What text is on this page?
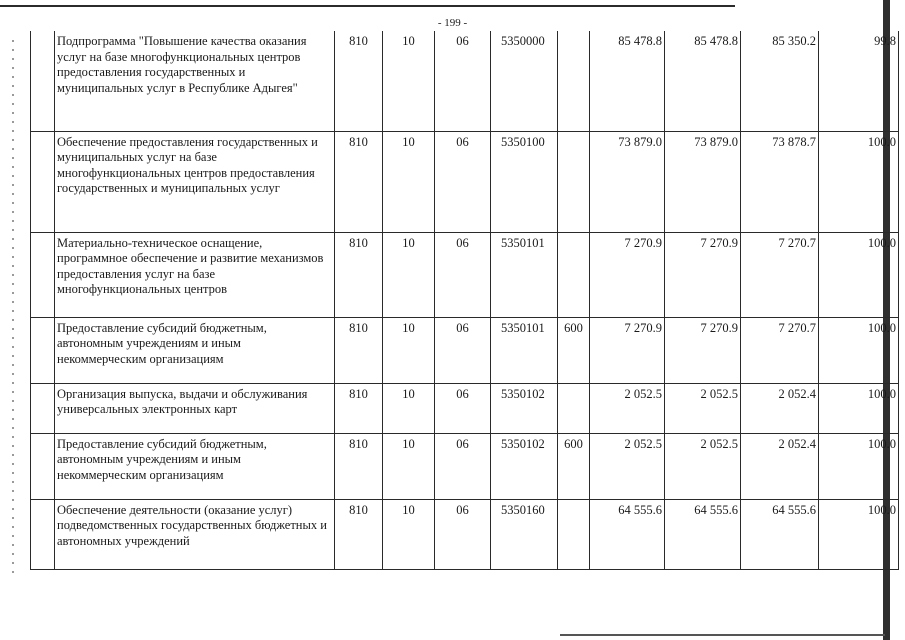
- 199 -
	Подпрограмма "Повышение качества оказания услуг на базе многофункциональных центров предоставления государственных и муниципальных услуг в Республике Адыгея"	810	10	06	5350000		85 478.8	85 478.8	85 350.2	99.8
	Обеспечение предоставления государственных и муниципальных услуг на базе многофункциональных центров предоставления государственных и муниципальных услуг	810	10	06	5350100		73 879.0	73 879.0	73 878.7	100.0
	Материально-техническое оснащение, программное обеспечение и развитие механизмов предоставления услуг на базе многофункциональных центров	810	10	06	5350101		7 270.9	7 270.9	7 270.7	100.0
	Предоставление субсидий бюджетным, автономным учреждениям и иным некоммерческим организациям	810	10	06	5350101	600	7 270.9	7 270.9	7 270.7	100.0
	Организация выпуска, выдачи и обслуживания универсальных электронных карт	810	10	06	5350102		2 052.5	2 052.5	2 052.4	100.0
	Предоставление субсидий бюджетным, автономным учреждениям и иным некоммерческим организациям	810	10	06	5350102	600	2 052.5	2 052.5	2 052.4	100.0
	Обеспечение деятельности (оказание услуг) подведомственных государственных бюджетных и автономных учреждений	810	10	06	5350160		64 555.6	64 555.6	64 555.6	100.0
